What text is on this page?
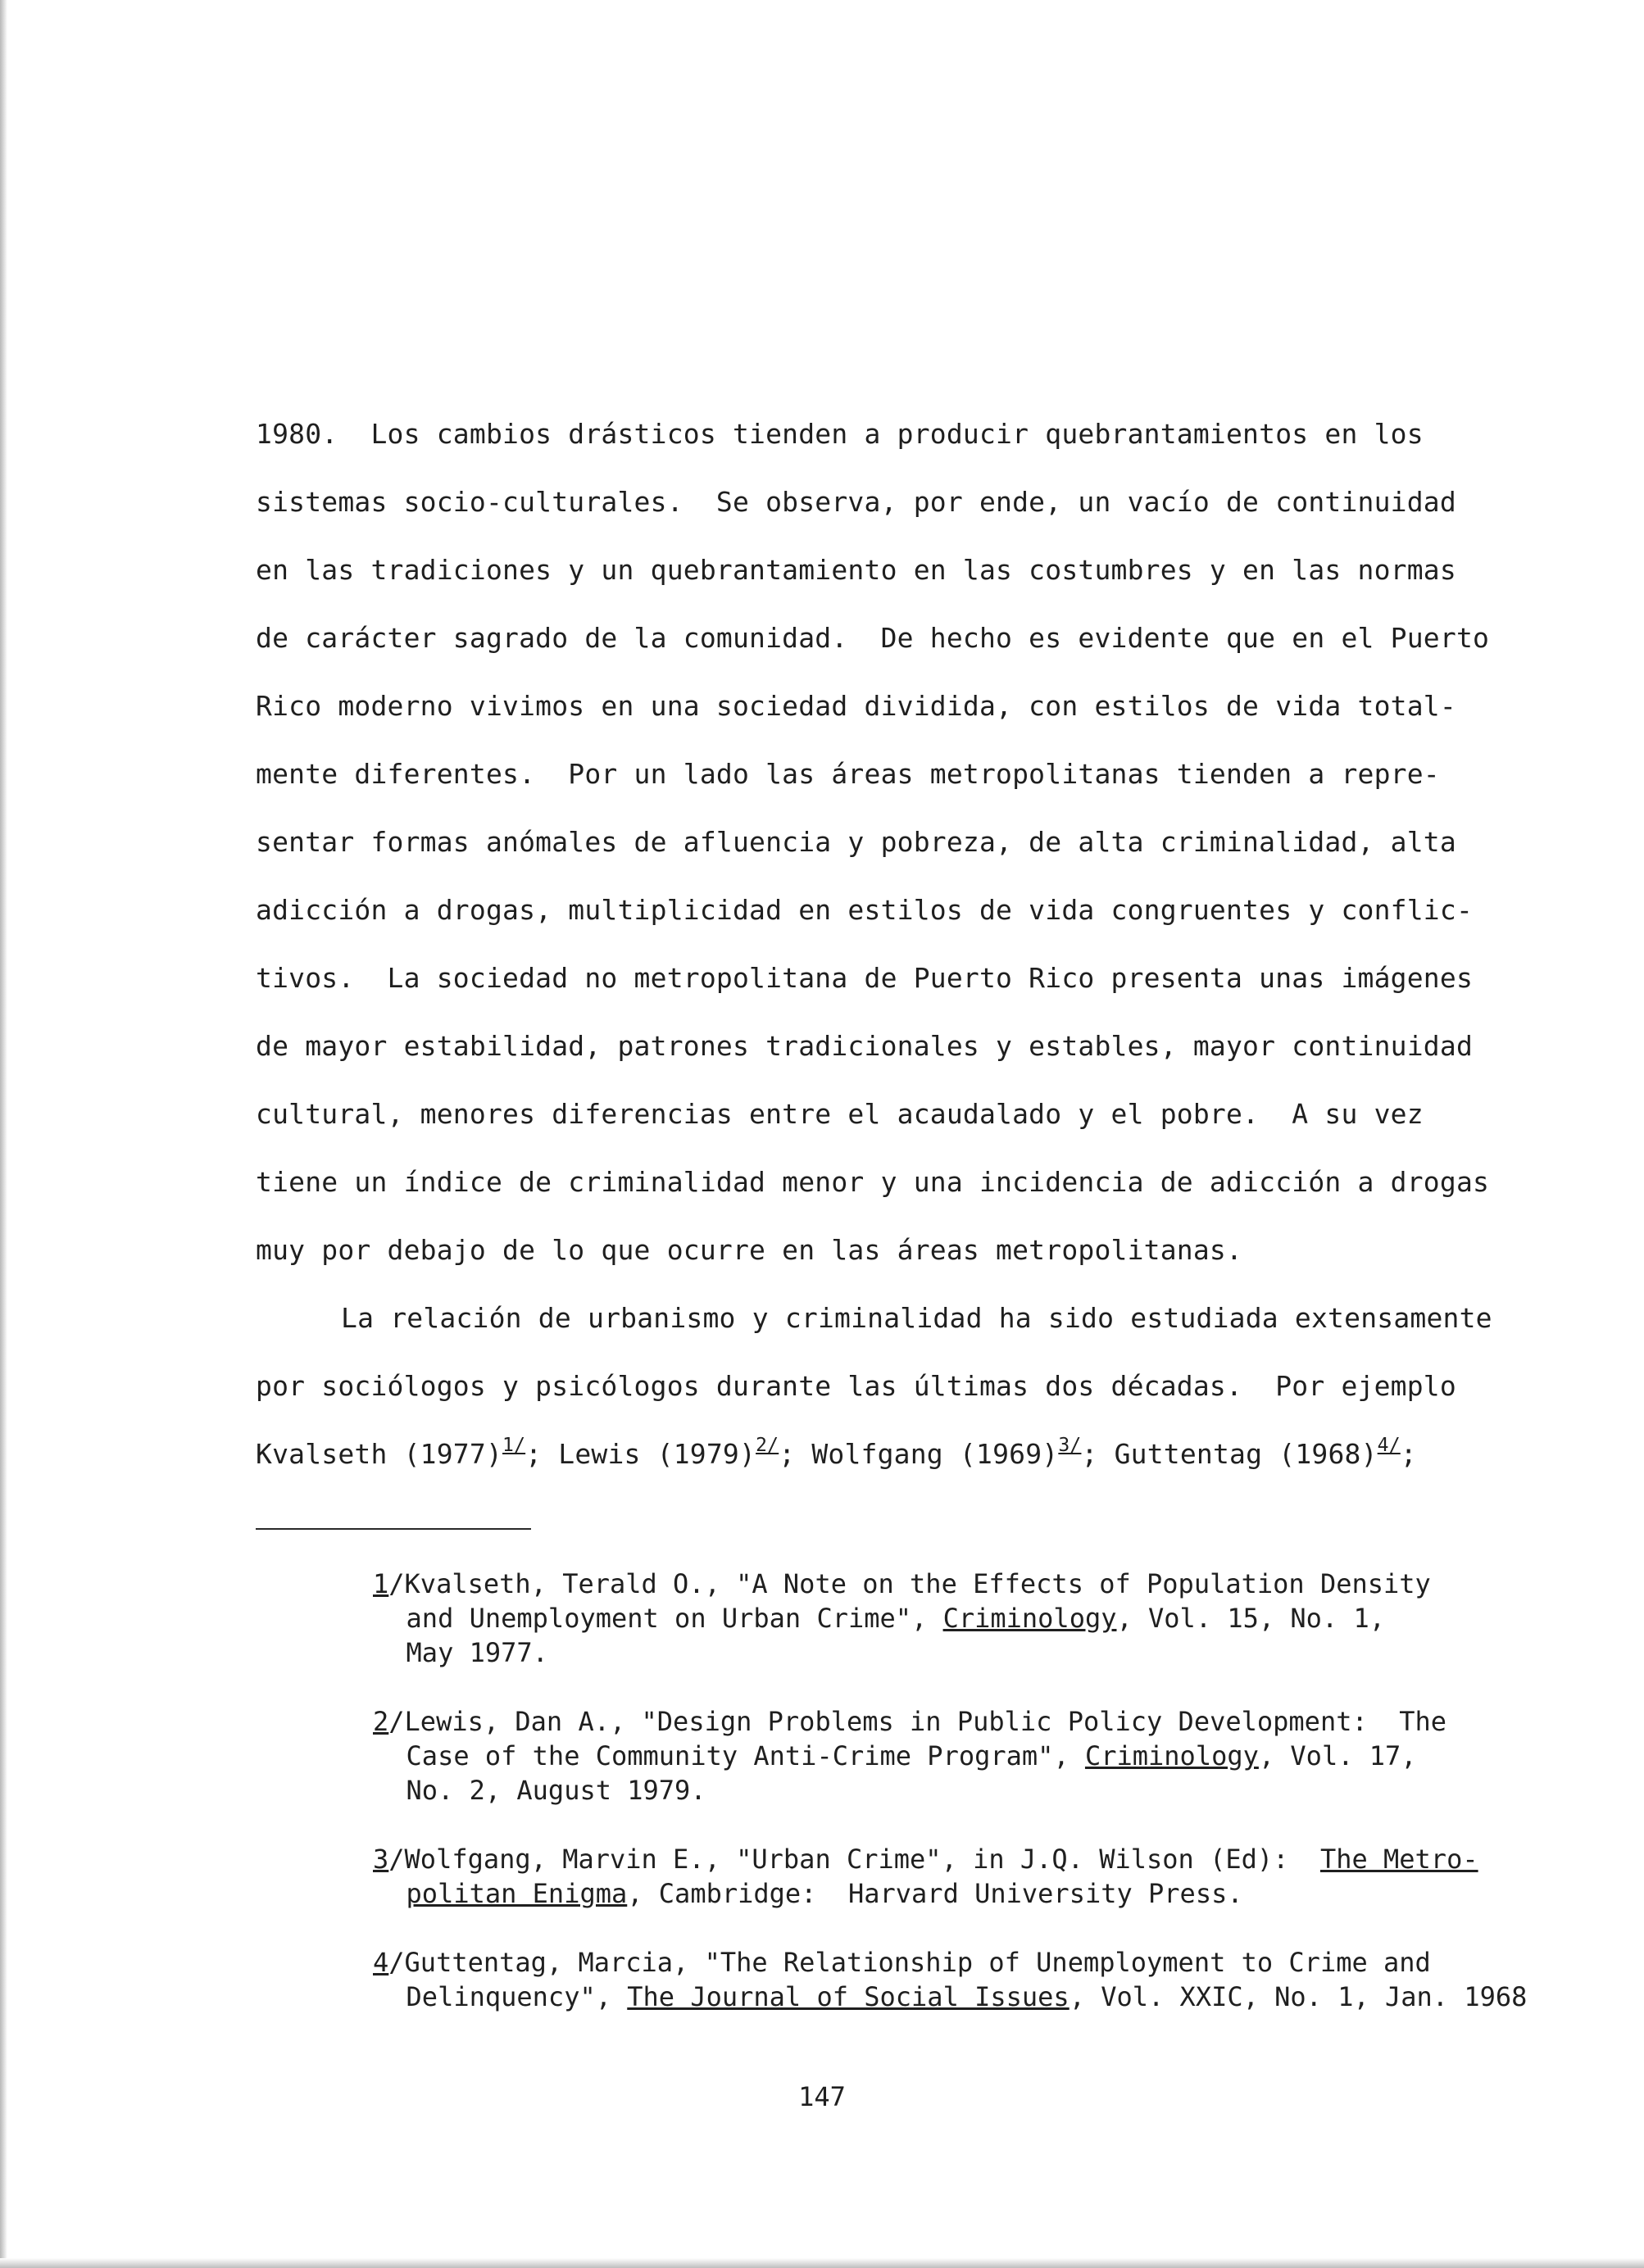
1980.  Los cambios drásticos tienden a producir quebrantamientos en los
sistemas socio-culturales.  Se observa, por ende, un vacío de continuidad
en las tradiciones y un quebrantamiento en las costumbres y en las normas
de carácter sagrado de la comunidad.  De hecho es evidente que en el Puerto
Rico moderno vivimos en una sociedad dividida, con estilos de vida total-
mente diferentes.  Por un lado las áreas metropolitanas tienden a repre-
sentar formas anómales de afluencia y pobreza, de alta criminalidad, alta
adicción a drogas, multiplicidad en estilos de vida congruentes y conflic-
tivos.  La sociedad no metropolitana de Puerto Rico presenta unas imágenes
de mayor estabilidad, patrones tradicionales y estables, mayor continuidad
cultural, menores diferencias entre el acaudalado y el pobre.  A su vez
tiene un índice de criminalidad menor y una incidencia de adicción a drogas
muy por debajo de lo que ocurre en las áreas metropolitanas.
La relación de urbanismo y criminalidad ha sido estudiada extensamente
por sociólogos y psicólogos durante las últimas dos décadas.  Por ejemplo
Kvalseth (1977)$^{1/}$; Lewis (1979)$^{2/}$; Wolfgang (1969)$^{3/}$; Guttentag (1968)$^{4/}$;
1/Kvalseth, Terald O., "A Note on the Effects of Population Density
and Unemployment on Urban Crime", Criminology, Vol. 15, No. 1,
May 1977.
2/Lewis, Dan A., "Design Problems in Public Policy Development:  The
Case of the Community Anti-Crime Program", Criminology, Vol. 17,
No. 2, August 1979.
3/Wolfgang, Marvin E., "Urban Crime", in J.Q. Wilson (Ed):  The Metro-
politan Enigma, Cambridge:  Harvard University Press.
4/Guttentag, Marcia, "The Relationship of Unemployment to Crime and
Delinquency", The Journal of Social Issues, Vol. XXIC, No. 1, Jan. 1968
147
